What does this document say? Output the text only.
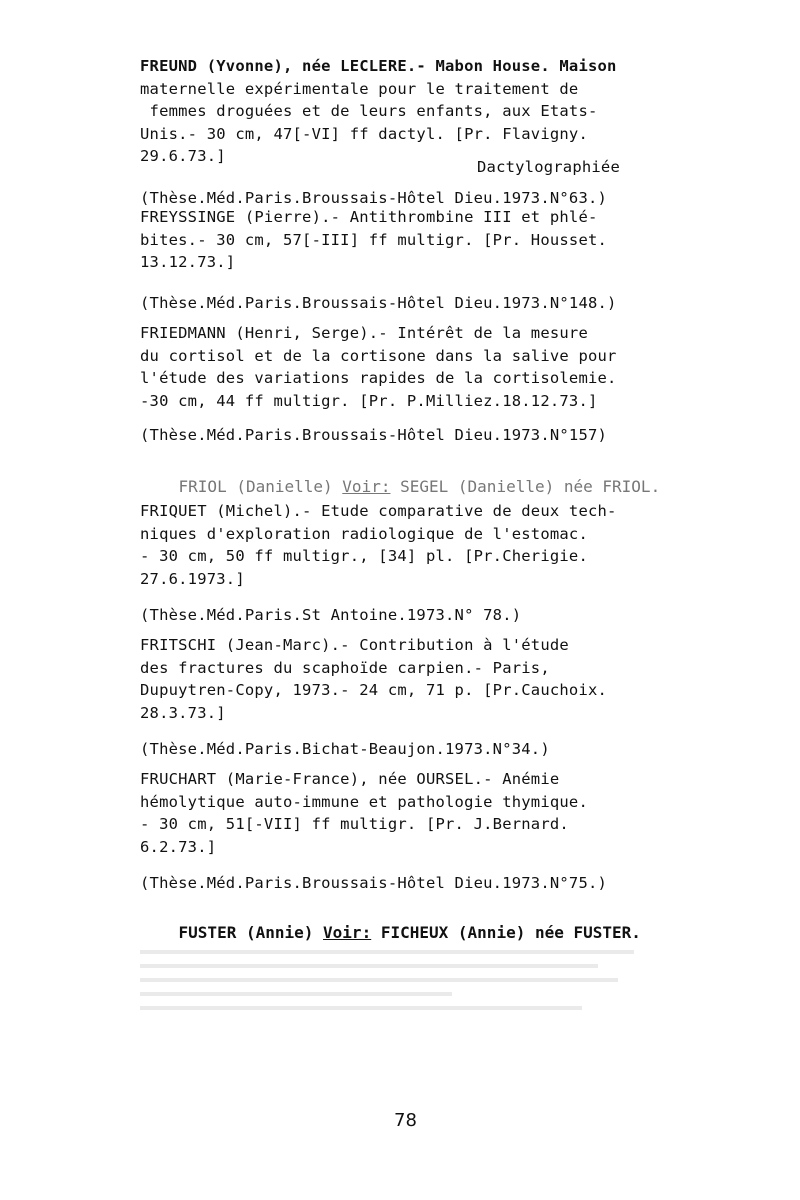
FREUND (Yvonne), née LECLERE.- Mabon House. Maison
maternelle expérimentale pour le traitement de
femmes droguées et de leurs enfants, aux Etats-
Unis.- 30 cm, 47[-VI] ff dactyl. [Pr. Flavigny.
29.6.73.]
Dactylographiée
(Thèse.Méd.Paris.Broussais-Hôtel Dieu.1973.N°63.)
FREYSSINGE (Pierre).- Antithrombine III et phlé-
bites.- 30 cm, 57[-III] ff multigr. [Pr. Housset.
13.12.73.]
(Thèse.Méd.Paris.Broussais-Hôtel Dieu.1973.N°148.)
FRIEDMANN (Henri, Serge).- Intérêt de la mesure
du cortisol et de la cortisone dans la salive pour
l'étude des variations rapides de la cortisolemie.
-30 cm, 44 ff multigr. [Pr. P.Milliez.18.12.73.]
(Thèse.Méd.Paris.Broussais-Hôtel Dieu.1973.N°157)

FRIOL (Danielle) Voir: SEGEL (Danielle) née FRIOL.

FRIQUET (Michel).- Etude comparative de deux tech-
niques d'exploration radiologique de l'estomac.
- 30 cm, 50 ff multigr., [34] pl. [Pr.Cherigie.
27.6.1973.]
(Thèse.Méd.Paris.St Antoine.1973.N° 78.)
FRITSCHI (Jean-Marc).- Contribution à l'étude
des fractures du scaphoïde carpien.- Paris,
Dupuytren-Copy, 1973.- 24 cm, 71 p. [Pr.Cauchoix.
28.3.73.]
(Thèse.Méd.Paris.Bichat-Beaujon.1973.N°34.)
FRUCHART (Marie-France), née OURSEL.- Anémie
hémolytique auto-immune et pathologie thymique.
- 30 cm, 51[-VII] ff multigr. [Pr. J.Bernard.
6.2.73.]
(Thèse.Méd.Paris.Broussais-Hôtel Dieu.1973.N°75.)

FUSTER (Annie) Voir: FICHEUX (Annie) née FUSTER.

78
